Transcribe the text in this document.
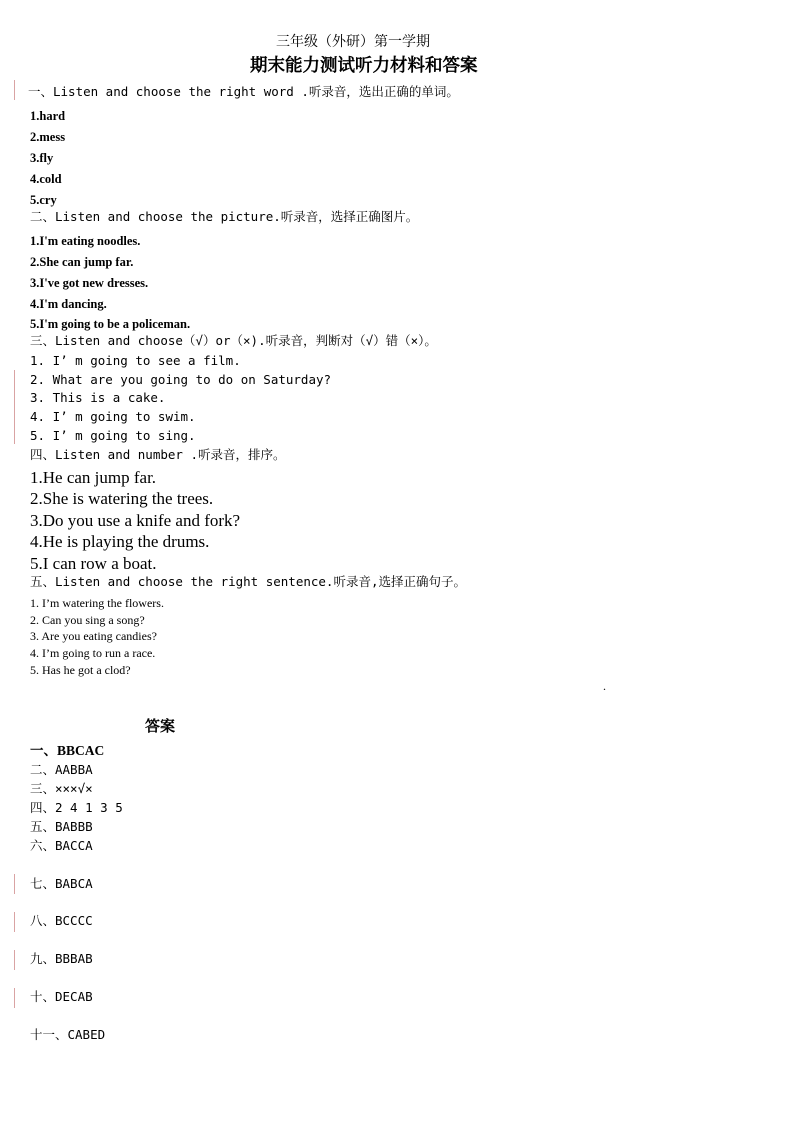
三年级（外研）第一学期
期末能力测试听力材料和答案
一、Listen and choose the right word .听录音，选出正确的单词。
1.hard
2.mess
3.fly
4.cold
5.cry
二、Listen and choose the picture.听录音，选择正确图片。
1.I'm eating noodles.
2.She can jump far.
3.I've got new dresses.
4.I'm dancing.
5.I'm going to be a policeman.
三、Listen and choose（√）or（×).听录音，判断对（√）错（×）。
1. I’ m going to see a film.
2. What are you going to do on Saturday?
3. This is a cake.
4. I’ m going to swim.
5. I’ m going to sing.
四、Listen and number .听录音，排序。
1.He can jump far.
2.She is watering the trees.
3.Do you use a knife and fork?
4.He is playing the drums.
5.I can row a boat.
五、Listen and choose the right sentence.听录音,选择正确句子。
1. I’m watering the flowers.
2. Can you sing a song?
3. Are you eating candies?
4. I’m going to run a race.
5. Has he got a clod?
.
答案
一、BBCAC
二、AABBA
三、×××√×
四、2 4 1 3 5
五、BABBB
六、BACCA
七、BABCA
八、BCCCC
九、BBBAB
十、DECAB
十一、CABED
